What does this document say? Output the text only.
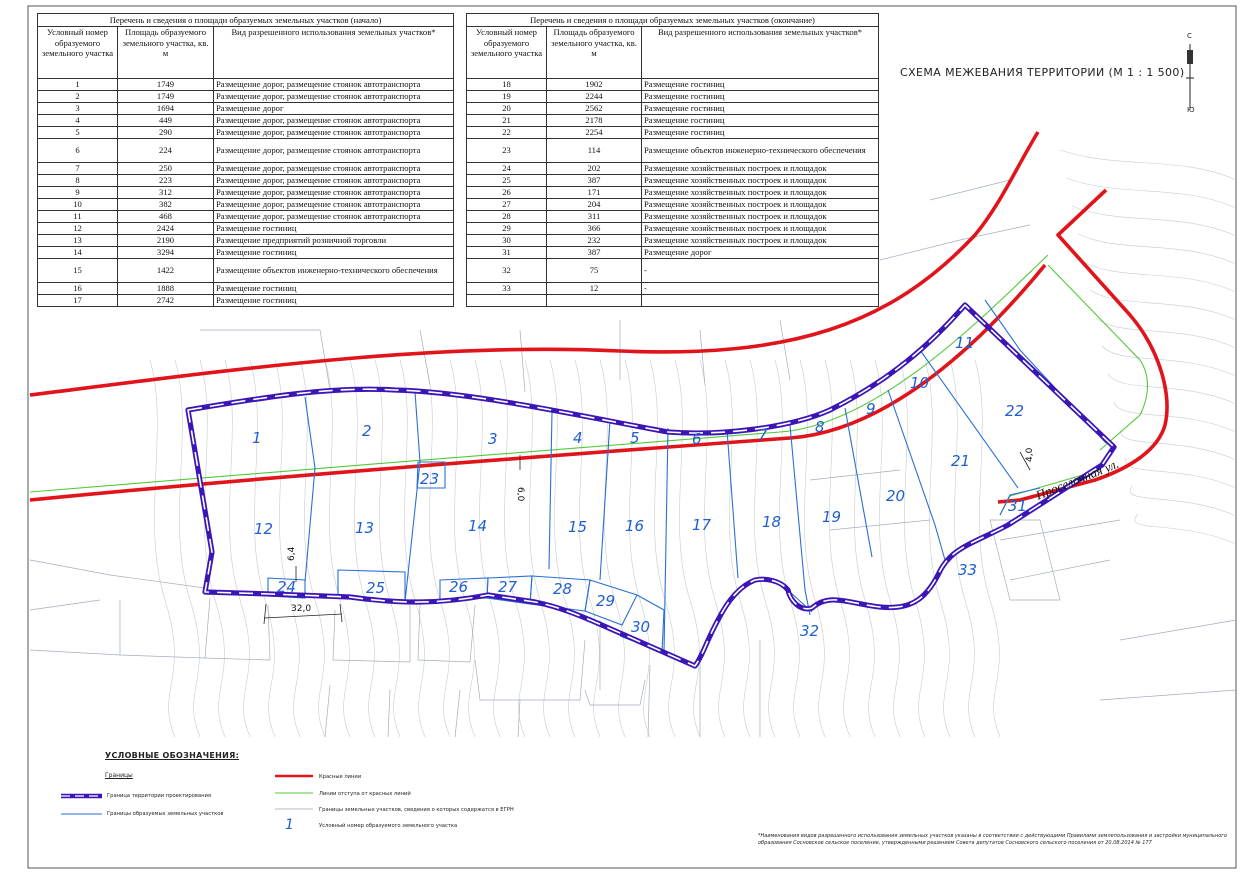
6,0
6,4
32,0
4,0
Проселочная ул.
1	2	3	4	5	6	7	8
9
10
11
12	13	14	15	16	17	18	19
20
21
22
23
24	25	26 27 28
29
30
31
32
33
С
Ю
СХЕМА МЕЖЕВАНИЯ ТЕРРИТОРИИ (М 1 : 1 500)
Перечень и сведения о площади образуемых земельных участков (начало)		
Условный номер образуемого земельного участка	Площадь образуемого земельного участка, кв. м	Вид разрешенного использования земельных участков*
1	1749	Размещение дорог, размещение стоянок автотранспорта
2	1749	Размещение дорог, размещение стоянок автотранспорта
3	1694	Размещение дорог
4	449	Размещение дорог, размещение стоянок автотранспорта
5	290	Размещение дорог, размещение стоянок автотранспорта
6	224	Размещение дорог, размещение стоянок автотранспорта
7	250	Размещение дорог, размещение стоянок автотранспорта
8	223	Размещение дорог, размещение стоянок автотранспорта
9	312	Размещение дорог, размещение стоянок автотранспорта
10	382	Размещение дорог, размещение стоянок автотранспорта
11	468	Размещение дорог, размещение стоянок автотранспорта
12	2424	Размещение гостиниц
13	2190	Размещение предприятий розничной торговли
14	3294	Размещение гостиниц
15	1422	Размещение объектов инженерно-технического обеспечения
16	1888	Размещение гостиниц
17	2742	Размещение гостиниц
Перечень и сведения о площади образуемых земельных участков (окончание)		
Условный номер образуемого земельного участка	Площадь образуемого земельного участка, кв. м	Вид разрешенного использования земельных участков*
18	1902	Размещение гостиниц
19	2244	Размещение гостиниц
20	2562	Размещение гостиниц
21	2178	Размещение гостиниц
22	2254	Размещение гостиниц
23	114	Размещение объектов инженерно-технического обеспечения
24	202	Размещение хозяйственных построек и площадок
25	387	Размещение хозяйственных построек и площадок
26	171	Размещение хозяйственных построек и площадок
27	204	Размещение хозяйственных построек и площадок
28	311	Размещение хозяйственных построек и площадок
29	366	Размещение хозяйственных построек и площадок
30	232	Размещение хозяйственных построек и площадок
31	387	Размещение дорог
32	75	-
33	12	-

УСЛОВНЫЕ ОБОЗНАЧЕНИЯ:
Границы
Граница территории проектирования
Границы образуемых земельных участков
Красные линии
Линии отступа от красных линий
Границы земельных участков, сведения о которых содержатся в ЕГРН
1	Условный номер образуемого земельного участка
*Наименования видов разрешенного использования земельных участков указаны в соответствии с действующими Правилами землепользования и застройки муниципального образования Сосновское сельское поселение, утвержденными решением Совета депутатов Сосновского сельского поселения от 20.08.2014 № 177
